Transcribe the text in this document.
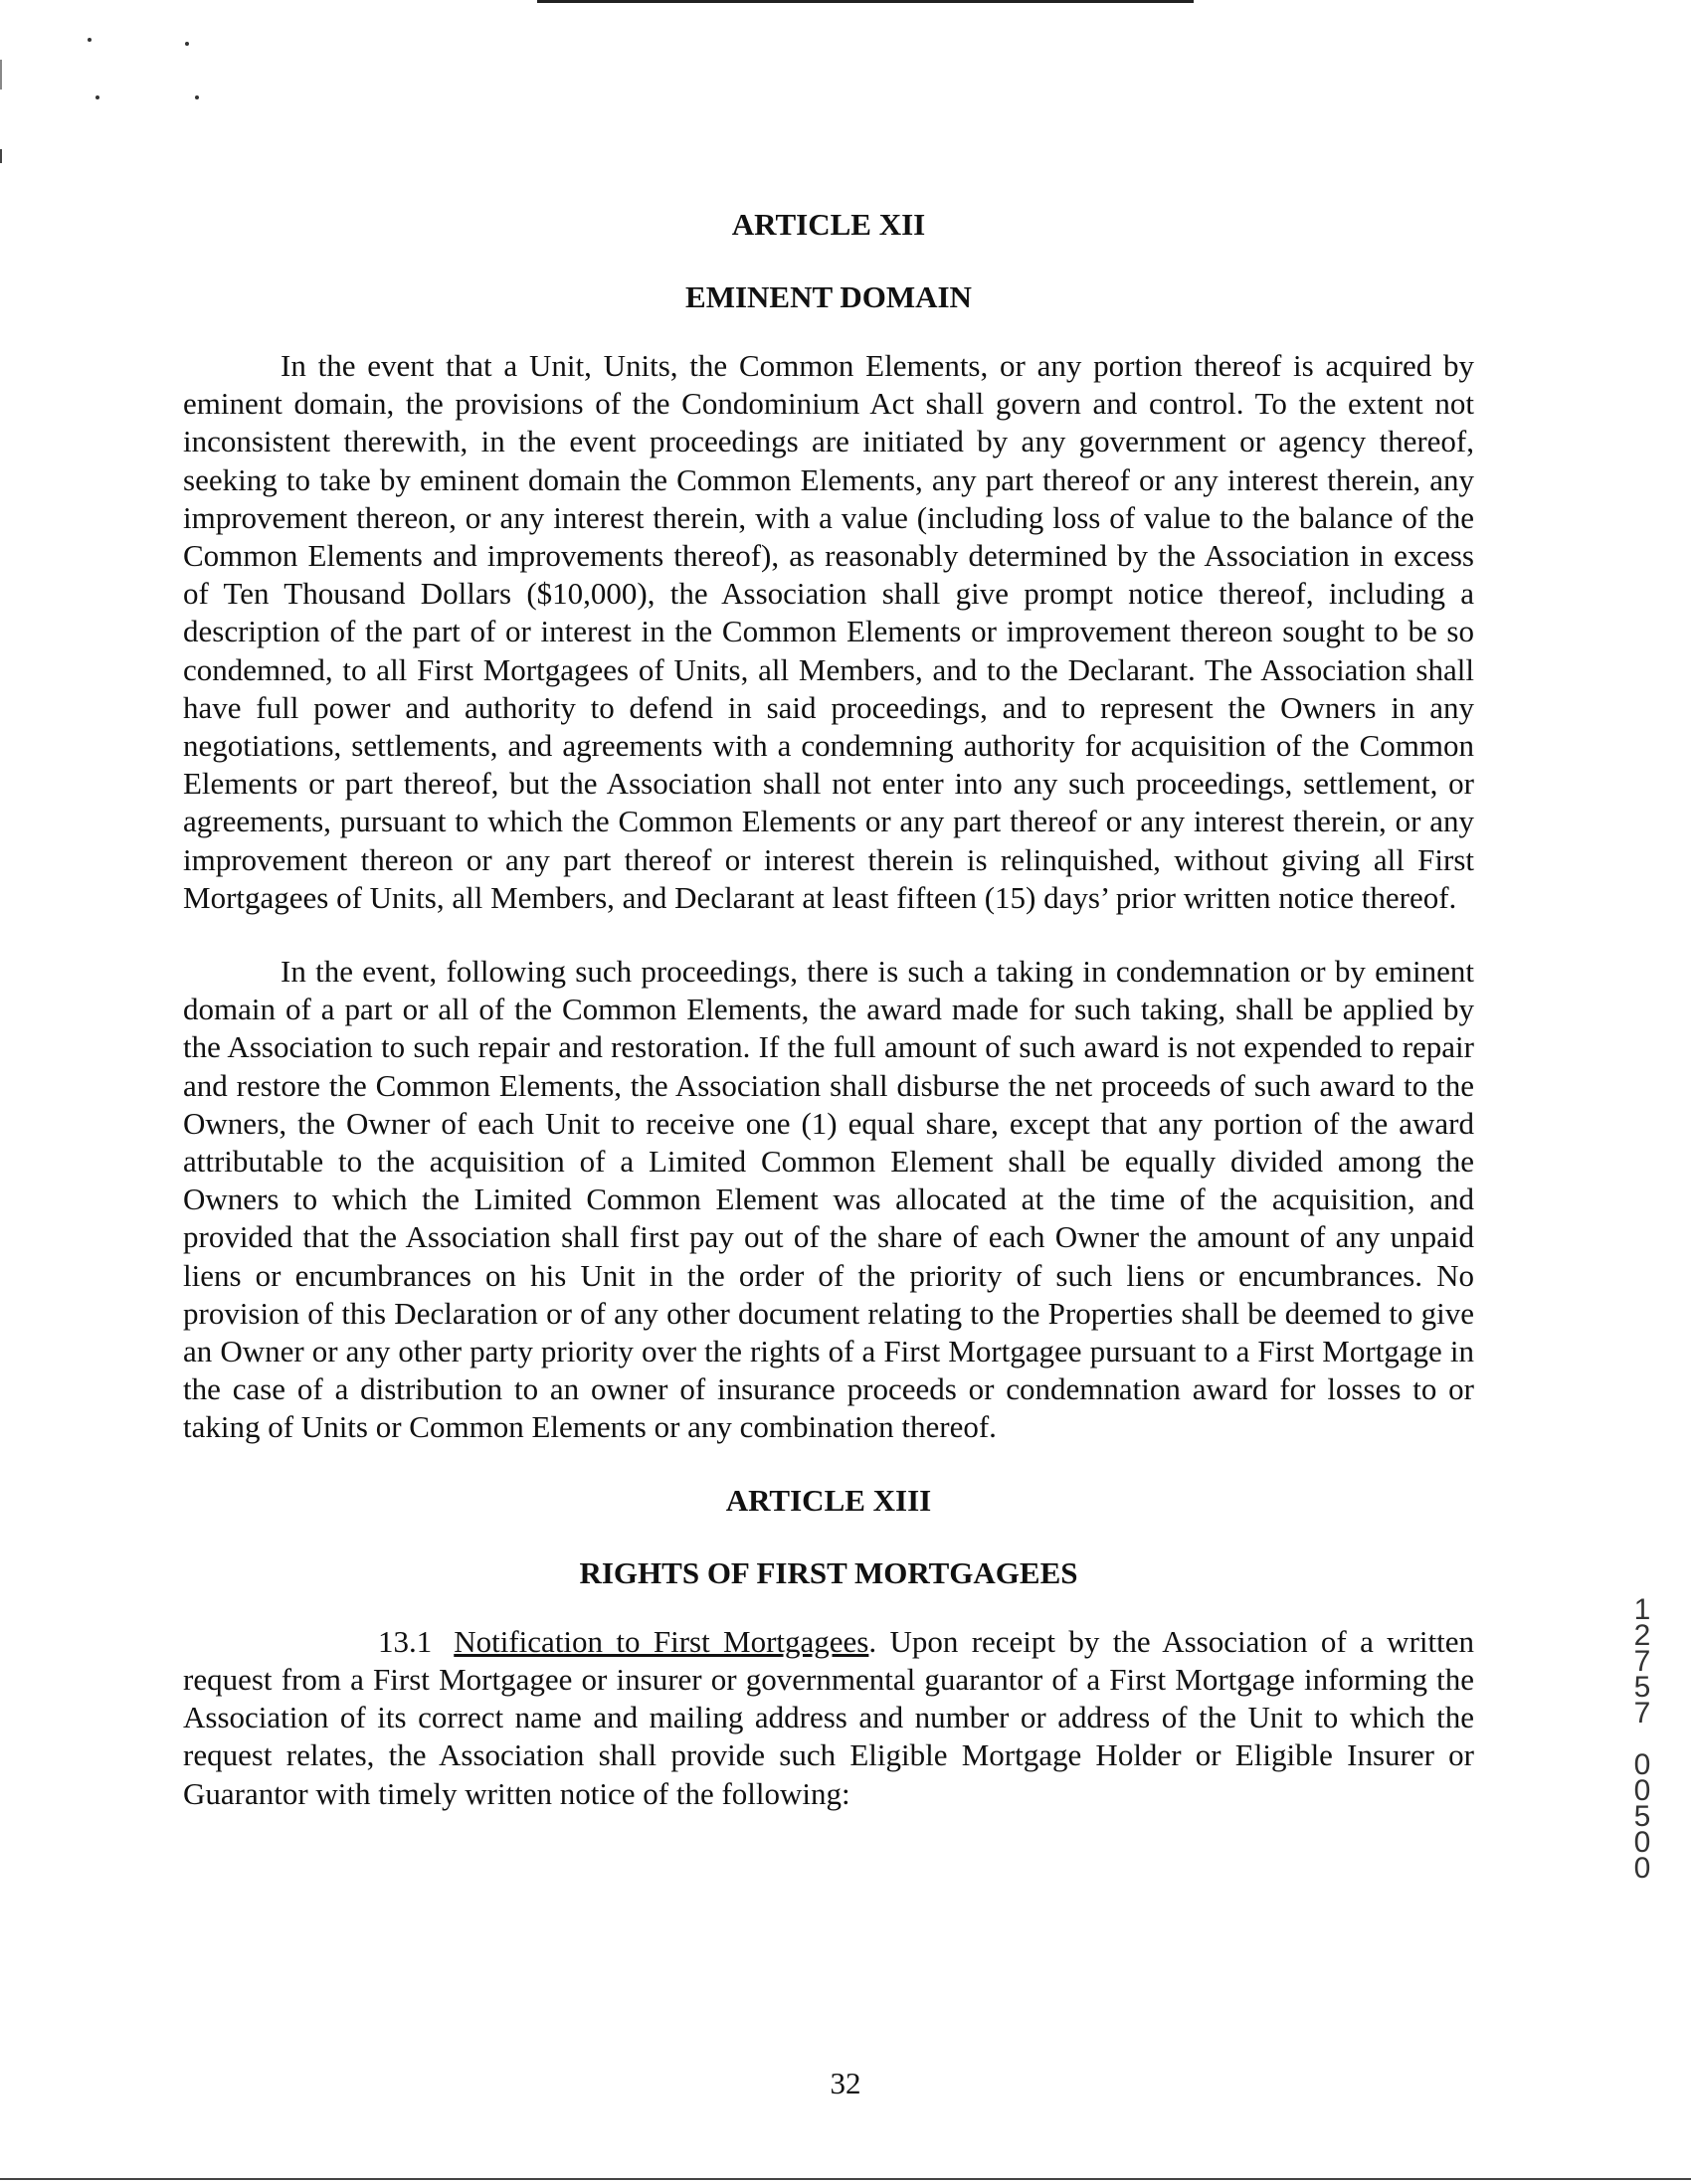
ARTICLE XII
EMINENT DOMAIN

In the event that a Unit, Units, the Common Elements, or any portion thereof is acquired by eminent domain, the provisions of the Condominium Act shall govern and control. To the extent not inconsistent therewith, in the event proceedings are initiated by any government or agency thereof, seeking to take by eminent domain the Common Elements, any part thereof or any interest therein, any improvement thereon, or any interest therein, with a value (including loss of value to the balance of the Common Elements and improvements thereof), as reasonably determined by the Association in excess of Ten Thousand Dollars ($10,000), the Association shall give prompt notice thereof, including a description of the part of or interest in the Common Elements or improvement thereon sought to be so condemned, to all First Mortgagees of Units, all Members, and to the Declarant. The Association shall have full power and authority to defend in said proceedings, and to represent the Owners in any negotiations, settlements, and agreements with a condemning authority for acquisition of the Common Elements or part thereof, but the Association shall not enter into any such proceedings, settlement, or agreements, pursuant to which the Common Elements or any part thereof or any interest therein, or any improvement thereon or any part thereof or interest therein is relinquished, without giving all First Mortgagees of Units, all Members, and Declarant at least fifteen (15) days’ prior written notice thereof.

In the event, following such proceedings, there is such a taking in condemnation or by eminent domain of a part or all of the Common Elements, the award made for such taking, shall be applied by the Association to such repair and restoration. If the full amount of such award is not expended to repair and restore the Common Elements, the Association shall disburse the net proceeds of such award to the Owners, the Owner of each Unit to receive one (1) equal share, except that any portion of the award attributable to the acquisition of a Limited Common Element shall be equally divided among the Owners to which the Limited Common Element was allocated at the time of the acquisition, and provided that the Association shall first pay out of the share of each Owner the amount of any unpaid liens or encumbrances on his Unit in the order of the priority of such liens or encumbrances. No provision of this Declaration or of any other document relating to the Properties shall be deemed to give an Owner or any other party priority over the rights of a First Mortgagee pursuant to a First Mortgage in the case of a distribution to an owner of insurance proceeds or condemnation award for losses to or taking of Units or Common Elements or any combination thereof.

ARTICLE XIII
RIGHTS OF FIRST MORTGAGEES

13.1 Notification to First Mortgagees. Upon receipt by the Association of a written request from a First Mortgagee or insurer or governmental guarantor of a First Mortgage informing the Association of its correct name and mailing address and number or address of the Unit to which the request relates, the Association shall provide such Eligible Mortgage Holder or Eligible Insurer or Guarantor with timely written notice of the following:

1
2
7
5
7
0
0
5
0
0
32
